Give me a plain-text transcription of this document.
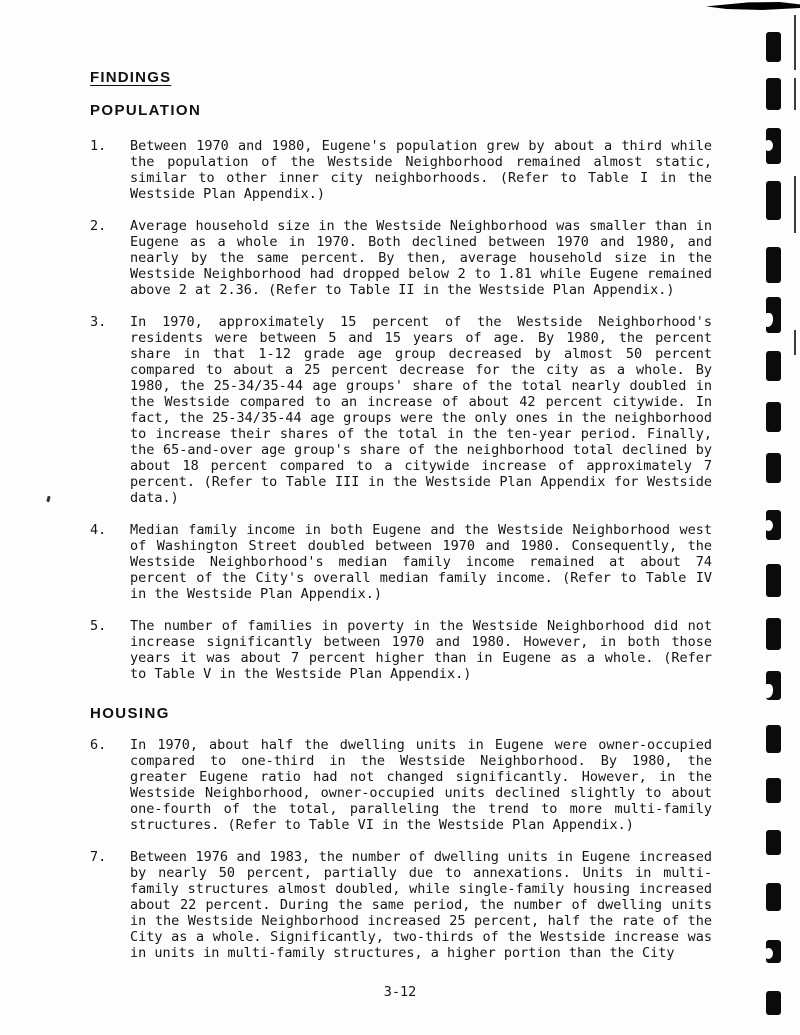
FINDINGS
POPULATION
1.	Between 1970 and 1980, Eugene's population grew by about a third while the population of the Westside Neighborhood remained almost static, similar to other inner city neighborhoods. (Refer to Table I in the Westside Plan Appendix.)
2.	Average household size in the Westside Neighborhood was smaller than in Eugene as a whole in 1970. Both declined between 1970 and 1980, and nearly by the same percent. By then, average household size in the Westside Neighborhood had dropped below 2 to 1.81 while Eugene remained above 2 at 2.36. (Refer to Table II in the Westside Plan Appendix.)
3.	In 1970, approximately 15 percent of the Westside Neighborhood's residents were between 5 and 15 years of age. By 1980, the percent share in that 1-12 grade age group decreased by almost 50 percent compared to about a 25 percent decrease for the city as a whole. By 1980, the 25-34/35-44 age groups' share of the total nearly doubled in the Westside compared to an increase of about 42 percent citywide. In fact, the 25-34/35-44 age groups were the only ones in the neighborhood to increase their shares of the total in the ten-year period. Finally, the 65-and-over age group's share of the neighborhood total declined by about 18 percent compared to a citywide increase of approximately 7 percent. (Refer to Table III in the Westside Plan Appendix for Westside data.)
4.	Median family income in both Eugene and the Westside Neighborhood west of Washington Street doubled between 1970 and 1980. Consequently, the Westside Neighborhood's median family income remained at about 74 percent of the City's overall median family income. (Refer to Table IV in the Westside Plan Appendix.)
5.	The number of families in poverty in the Westside Neighborhood did not increase significantly between 1970 and 1980. However, in both those years it was about 7 percent higher than in Eugene as a whole. (Refer to Table V in the Westside Plan Appendix.)
HOUSING
6.	In 1970, about half the dwelling units in Eugene were owner-occupied compared to one-third in the Westside Neighborhood. By 1980, the greater Eugene ratio had not changed significantly. However, in the Westside Neighborhood, owner-occupied units declined slightly to about one-fourth of the total, paralleling the trend to more multi-family structures. (Refer to Table VI in the Westside Plan Appendix.)
7.	Between 1976 and 1983, the number of dwelling units in Eugene increased by nearly 50 percent, partially due to annexations. Units in multi-family structures almost doubled, while single-family housing increased about 22 percent. During the same period, the number of dwelling units in the Westside Neighborhood increased 25 percent, half the rate of the City as a whole. Significantly, two-thirds of the Westside increase was in units in multi-family structures, a higher portion than the City
3-12
